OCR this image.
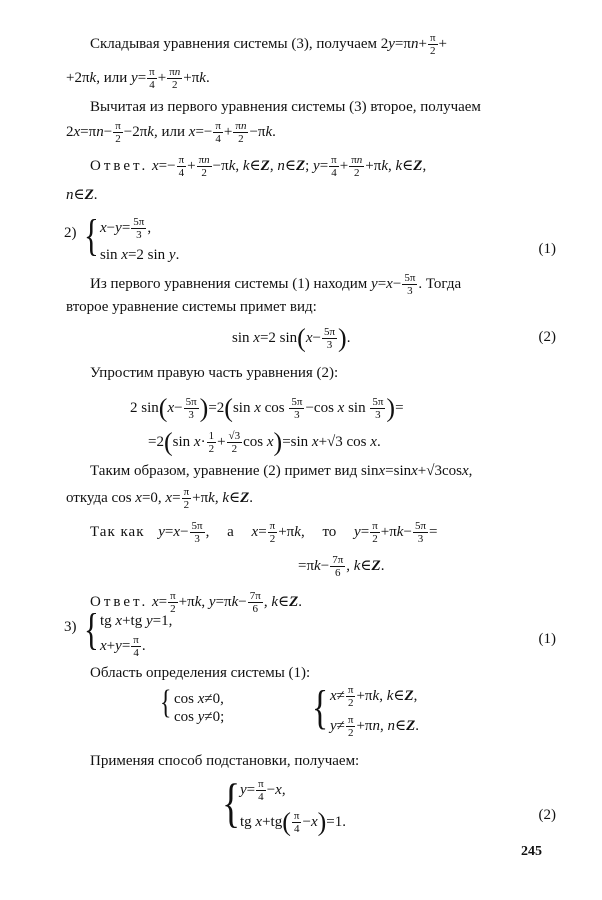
Складывая уравнения системы (3), получаем $2y=\pi n+ \frac{\pi}{2}$ +
+2πk, или $y= \frac{\pi}{4} + \frac{\pi n}{2} +\pi k$.
Вычитая из первого уравнения системы (3) второе, получаем
$2x=\pi n- \frac{\pi}{2} -2\pi k$, или $x=- \frac{\pi}{4} + \frac{\pi n}{2} -\pi k$.
Ответ. $x=- \frac{\pi}{4} + \frac{\pi n}{2} -\pi k$, k∈Z, n∈Z; $y= \frac{\pi}{4} + \frac{\pi n}{2} +\pi k$, k∈Z,
n∈Z.
2) { $x-y= \frac{5\pi}{3}$ ,
sin x=2 sin y.	(1)
Из первого уравнения системы (1) находим $y=x- \frac{5\pi}{3}$ . Тогда
второе уравнение системы примет вид:
sin x=2 $\sin(x- \frac{5\pi}{3}$ ).	(2)
Упростим правую часть уравнения (2):
2 $\sin(x- \frac{5\pi}{3} )=2(\sin$ x $\cos \frac{5\pi}{3} -\cos$ x $\sin \frac{5\pi}{3}$ )=
=2(sin $x\cdot \frac{1}{2} + \frac{√3}{2}$ cos x)=sin x+√3 cos x.
Таким образом, уравнение (2) примет вид sinx=sinx+√3cosx,
откуда cos x=0, $x= \frac{\pi}{2} +\pi k$, k∈Z.
Так как $y=x- \frac{5\pi}{3}$ , а $x= \frac{\pi}{2} +\pi k$, то $y= \frac{\pi}{2} +\pi k- \frac{5\pi}{3}$ =
$=\pi k- \frac{7\pi}{6}$ , k∈Z.
Ответ. $x= \frac{\pi}{2} +\pi k$, $y=\pi k- \frac{7\pi}{6}$ , k∈Z.
3) { tg x+tg y=1,
$x+y= \frac{\pi}{4}$ .	(1)
Область определения системы (1):
{ cos x≠0,
cos y≠0; { $x\ne \frac{\pi}{2} +\pi k$, k∈Z,
$y\ne \frac{\pi}{2} +\pi n$, n∈Z.
Применяя способ подстановки, получаем:
{ $y= \frac{\pi}{4} -x$,
tg $x+tg( \frac{\pi}{4} -x)=1$.	(2)
245
